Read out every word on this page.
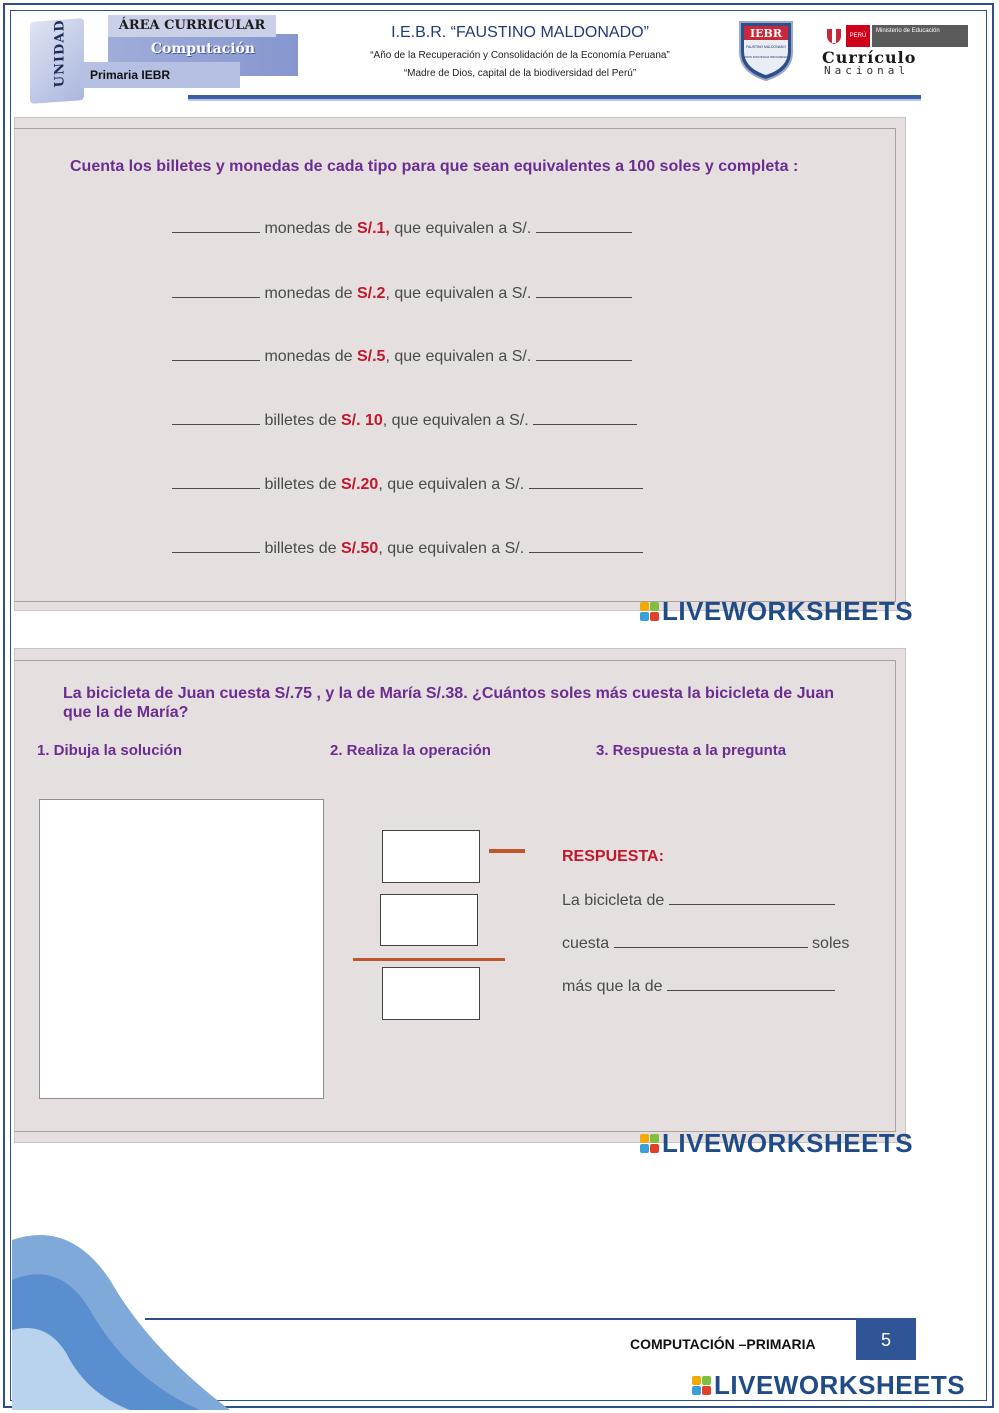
UNIDAD	Computación
ÁREA CURRICULAR
Primaria IEBR
I.E.B.R. “FAUSTINO MALDONADO”
“Año de la Recuperación y Consolidación de la Economía Peruana”
“Madre de Dios, capital de la biodiversidad del Perú”
IEBR
FAUSTINO MALDONADO
DIOS DISCIPLINA PROGRESO
PERÚ
Ministerio de Educación
Currículo
Nacional
Cuenta los billetes y monedas de cada tipo para que sean equivalentes a 100 soles y completa :
monedas de S/.1, que equivalen a S/.
monedas de S/.2, que equivalen a S/.
monedas de S/.5, que equivalen a S/.
billetes de S/. 10, que equivalen a S/.
billetes de S/.20, que equivalen a S/.
billetes de S/.50, que equivalen a S/.
LIVEWORKSHEETS
La bicicleta de Juan cuesta S/.75 , y la de María S/.38. ¿Cuántos soles más cuesta la bicicleta de Juan que la de María?
1. Dibuja la solución	2. Realiza la operación	3. Respuesta a la pregunta
RESPUESTA:
La bicicleta de
cuesta	soles
más que la de
LIVEWORKSHEETS
COMPUTACIÓN –PRIMARIA	5
LIVEWORKSHEETS
